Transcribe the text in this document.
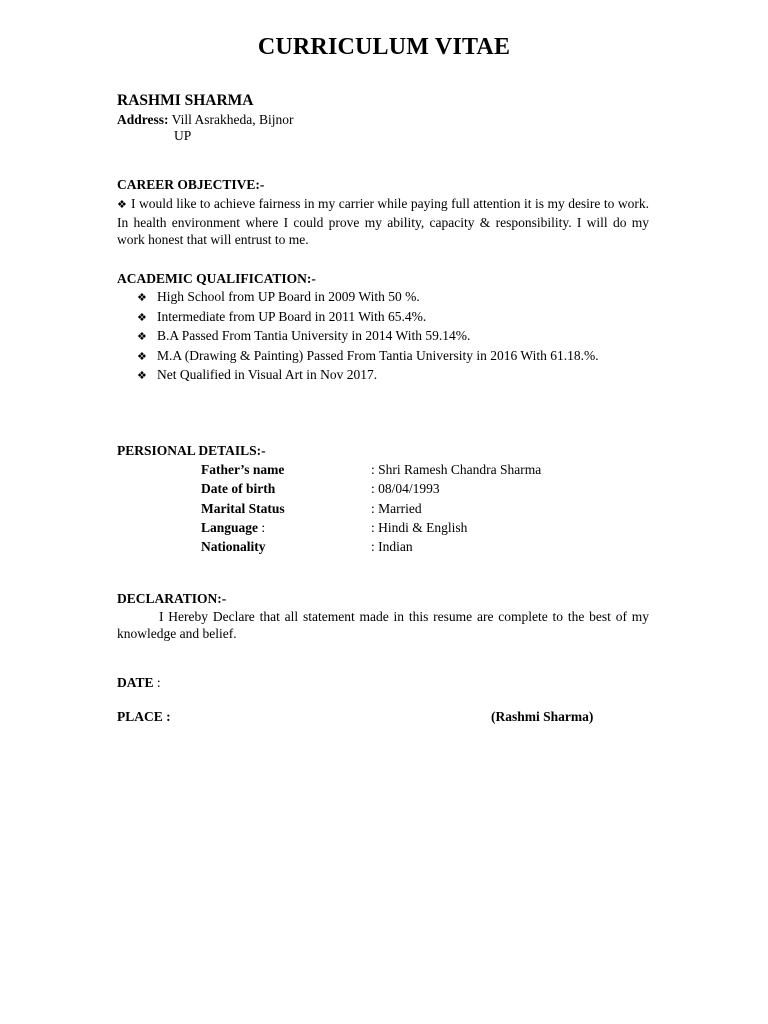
CURRICULUM VITAE
RASHMI SHARMA
Address: Vill Asrakheda, Bijnor
UP
CAREER OBJECTIVE:-
❖ I would like to achieve fairness in my carrier while paying full attention it is my desire to work. In health environment where I could prove my ability, capacity & responsibility. I will do my work honest that will entrust to me.
ACADEMIC QUALIFICATION:-
❖ High School from UP Board in 2009 With 50 %.
❖ Intermediate from UP Board in 2011 With 65.4%.
❖ B.A Passed From Tantia University in 2014 With 59.14%.
❖ M.A (Drawing & Painting) Passed From Tantia University in 2016 With 61.18.%.
❖ Net Qualified in Visual Art in Nov 2017.
PERSIONAL DETAILS:-
Father’s name	: Shri Ramesh Chandra Sharma
Date of birth	: 08/04/1993
Marital Status	: Married
Language :	: Hindi & English
Nationality	: Indian
DECLARATION:-
I Hereby Declare that all statement made in this resume are complete to the best of my knowledge and belief.
DATE :
PLACE :	(Rashmi Sharma)
